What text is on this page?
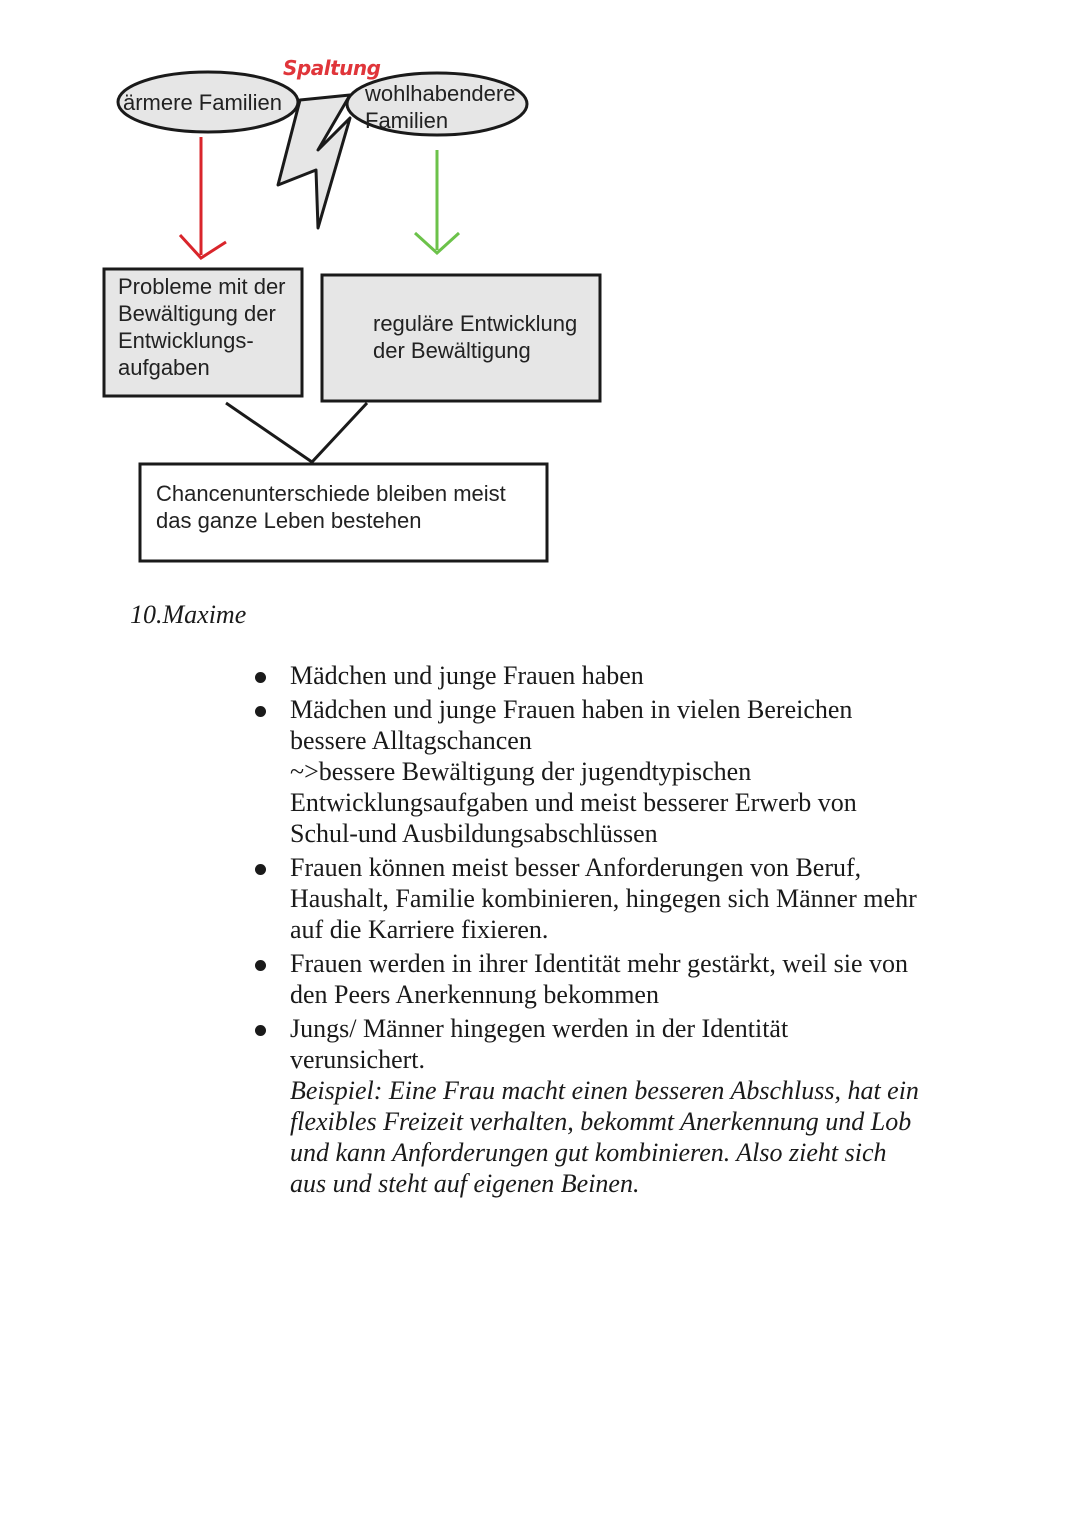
Spaltung
ärmere Familien	wohlhabendere
Familien
Probleme mit der
Bewältigung der
Entwicklungs-
aufgaben
reguläre Entwicklung
der Bewältigung
Chancenunterschiede bleiben meist
das ganze Leben bestehen
10.Maxime
Mädchen und junge Frauen haben
Mädchen und junge Frauen haben in vielen Bereichen
bessere Alltagschancen
~>bessere Bewältigung der jugendtypischen
Entwicklungsaufgaben und meist besserer Erwerb von
Schul-und Ausbildungsabschlüssen
Frauen können meist besser Anforderungen von Beruf,
Haushalt, Familie kombinieren, hingegen sich Männer mehr
auf die Karriere fixieren.
Frauen werden in ihrer Identität mehr gestärkt, weil sie von
den Peers Anerkennung bekommen
Jungs/ Männer hingegen werden in der Identität
verunsichert.
Beispiel: Eine Frau macht einen besseren Abschluss, hat ein
flexibles Freizeit verhalten, bekommt Anerkennung und Lob
und kann Anforderungen gut kombinieren. Also zieht sich
aus und steht auf eigenen Beinen.
